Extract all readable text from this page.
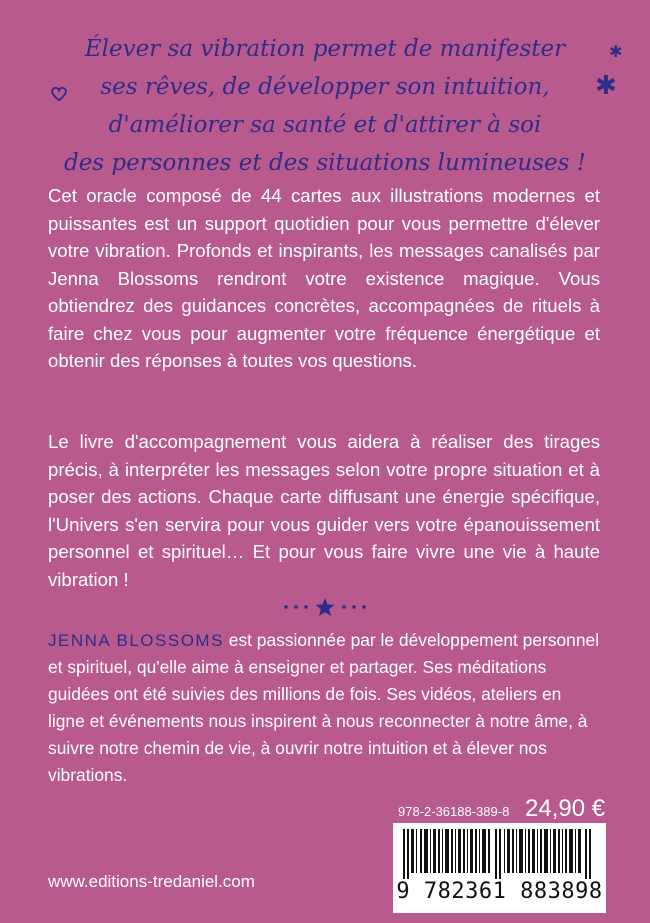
Élever sa vibration permet de manifester
ses rêves, de développer son intuition,
d'améliorer sa santé et d'attirer à soi
des personnes et des situations lumineuses !
✱
✱
Cet oracle composé de 44 cartes aux illustrations modernes et puissantes est un support quotidien pour vous permettre d'élever votre vibration. Profonds et inspirants, les messages canalisés par Jenna Blossoms rendront votre existence magique. Vous obtiendrez des guidances concrètes, accompagnées de rituels à faire chez vous pour augmenter votre fréquence énergétique et obtenir des réponses à toutes vos questions.
Le livre d'accompagnement vous aidera à réaliser des tirages précis, à interpréter les messages selon votre propre situation et à poser des actions. Chaque carte diffusant une énergie spécifique, l'Univers s'en servira pour vous guider vers votre épanouissement personnel et spirituel… Et pour vous faire vivre une vie à haute vibration !
JENNA BLOSSOMS est passionnée par le développement personnel et spirituel, qu'elle aime à enseigner et partager. Ses méditations guidées ont été suivies des millions de fois. Ses vidéos, ateliers en ligne et événements nous inspirent à nous reconnecter à notre âme, à suivre notre chemin de vie, à ouvrir notre intuition et à élever nos vibrations.
978-2-36188-389-8 24,90 €
9 782361 883898
www.editions-tredaniel.com
